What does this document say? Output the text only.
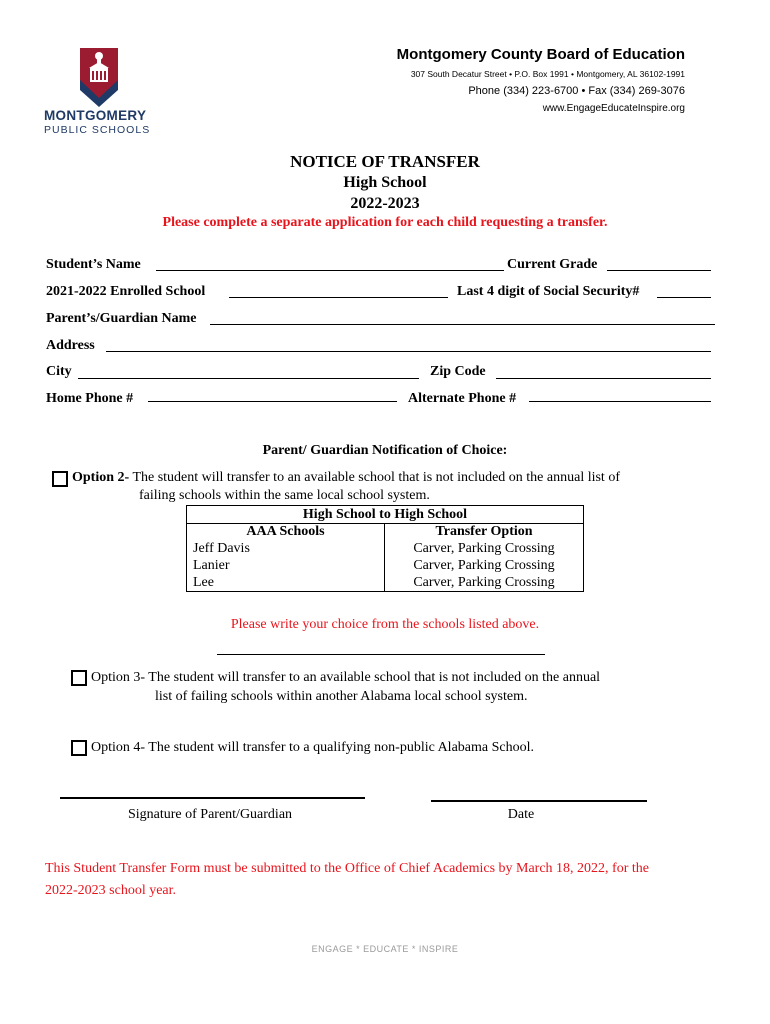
MONTGOMERY
PUBLIC SCHOOLS
Montgomery County Board of Education
307 South Decatur Street • P.O. Box 1991 • Montgomery, AL 36102-1991
Phone (334) 223-6700 • Fax (334) 269-3076
www.EngageEducateInspire.org
NOTICE OF TRANSFER
High School
2022-2023
Please complete a separate application for each child requesting a transfer.
Student’s Name	Current Grade
2021-2022 Enrolled School	Last 4 digit of Social Security#
Parent’s/Guardian Name
Address
City	Zip Code
Home Phone #	Alternate Phone #
Parent/ Guardian Notification of Choice:
Option 2- The student will transfer to an available school that is not included on the annual list of
failing schools within the same local school system.
High School to High School	
AAA Schools	Transfer Option
Jeff Davis	Carver, Parking Crossing
Lanier	Carver, Parking Crossing
Lee	Carver, Parking Crossing
Please write your choice from the schools listed above.
Option 3- The student will transfer to an available school that is not included on the annual
list of failing schools within another Alabama local school system.
Option 4- The student will transfer to a qualifying non-public Alabama School.
Signature of Parent/Guardian	Date
This Student Transfer Form must be submitted to the Office of Chief Academics by March 18, 2022, for the
2022-2023 school year.
ENGAGE * EDUCATE * INSPIRE
